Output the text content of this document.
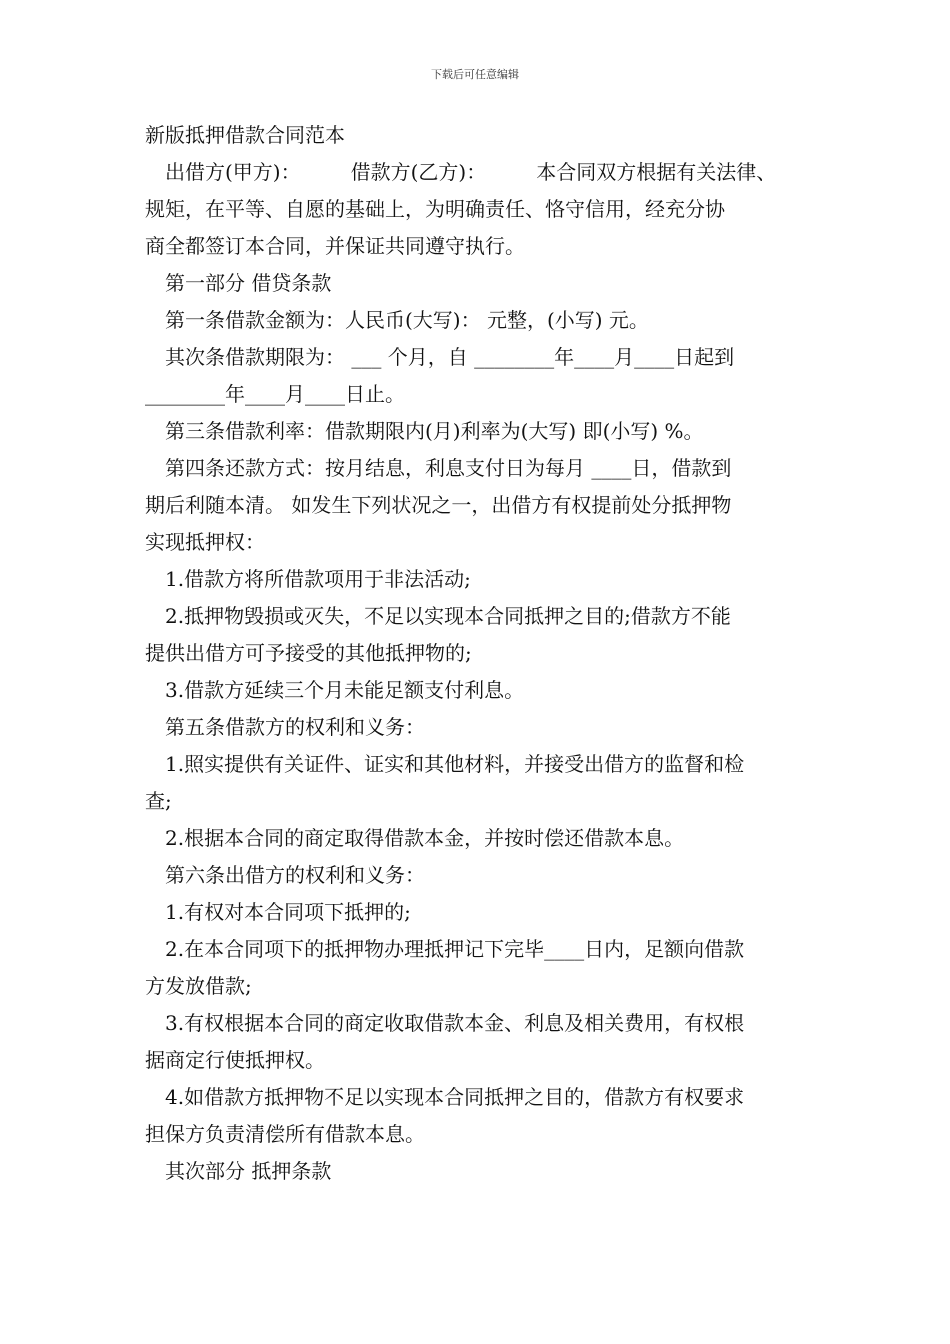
下载后可任意编辑
新版抵押借款合同范本
出借方(甲方)：　　　借款方(乙方)：　　　本合同双方根据有关法律、
规矩，在平等、自愿的基础上，为明确责任、恪守信用，经充分协
商全都签订本合同，并保证共同遵守执行。
第一部分 借贷条款
第一条借款金额为：人民币(大写)： 元整，(小写) 元。
其次条借款期限为： ___ 个月，自 ________年____月____日起到
________年____月____日止。
第三条借款利率：借款期限内(月)利率为(大写) 即(小写) %。
第四条还款方式：按月结息，利息支付日为每月 ____日，借款到
期后利随本清。 如发生下列状况之一，出借方有权提前处分抵押物
实现抵押权：
1.借款方将所借款项用于非法活动;
2.抵押物毁损或灭失，不足以实现本合同抵押之目的;借款方不能
提供出借方可予接受的其他抵押物的;
3.借款方延续三个月未能足额支付利息。
第五条借款方的权利和义务：
1.照实提供有关证件、证实和其他材料，并接受出借方的监督和检
查;
2.根据本合同的商定取得借款本金，并按时偿还借款本息。
第六条出借方的权利和义务：
1.有权对本合同项下抵押的;
2.在本合同项下的抵押物办理抵押记下完毕____日内，足额向借款
方发放借款;
3.有权根据本合同的商定收取借款本金、利息及相关费用，有权根
据商定行使抵押权。
4.如借款方抵押物不足以实现本合同抵押之目的，借款方有权要求
担保方负责清偿所有借款本息。
其次部分 抵押条款
